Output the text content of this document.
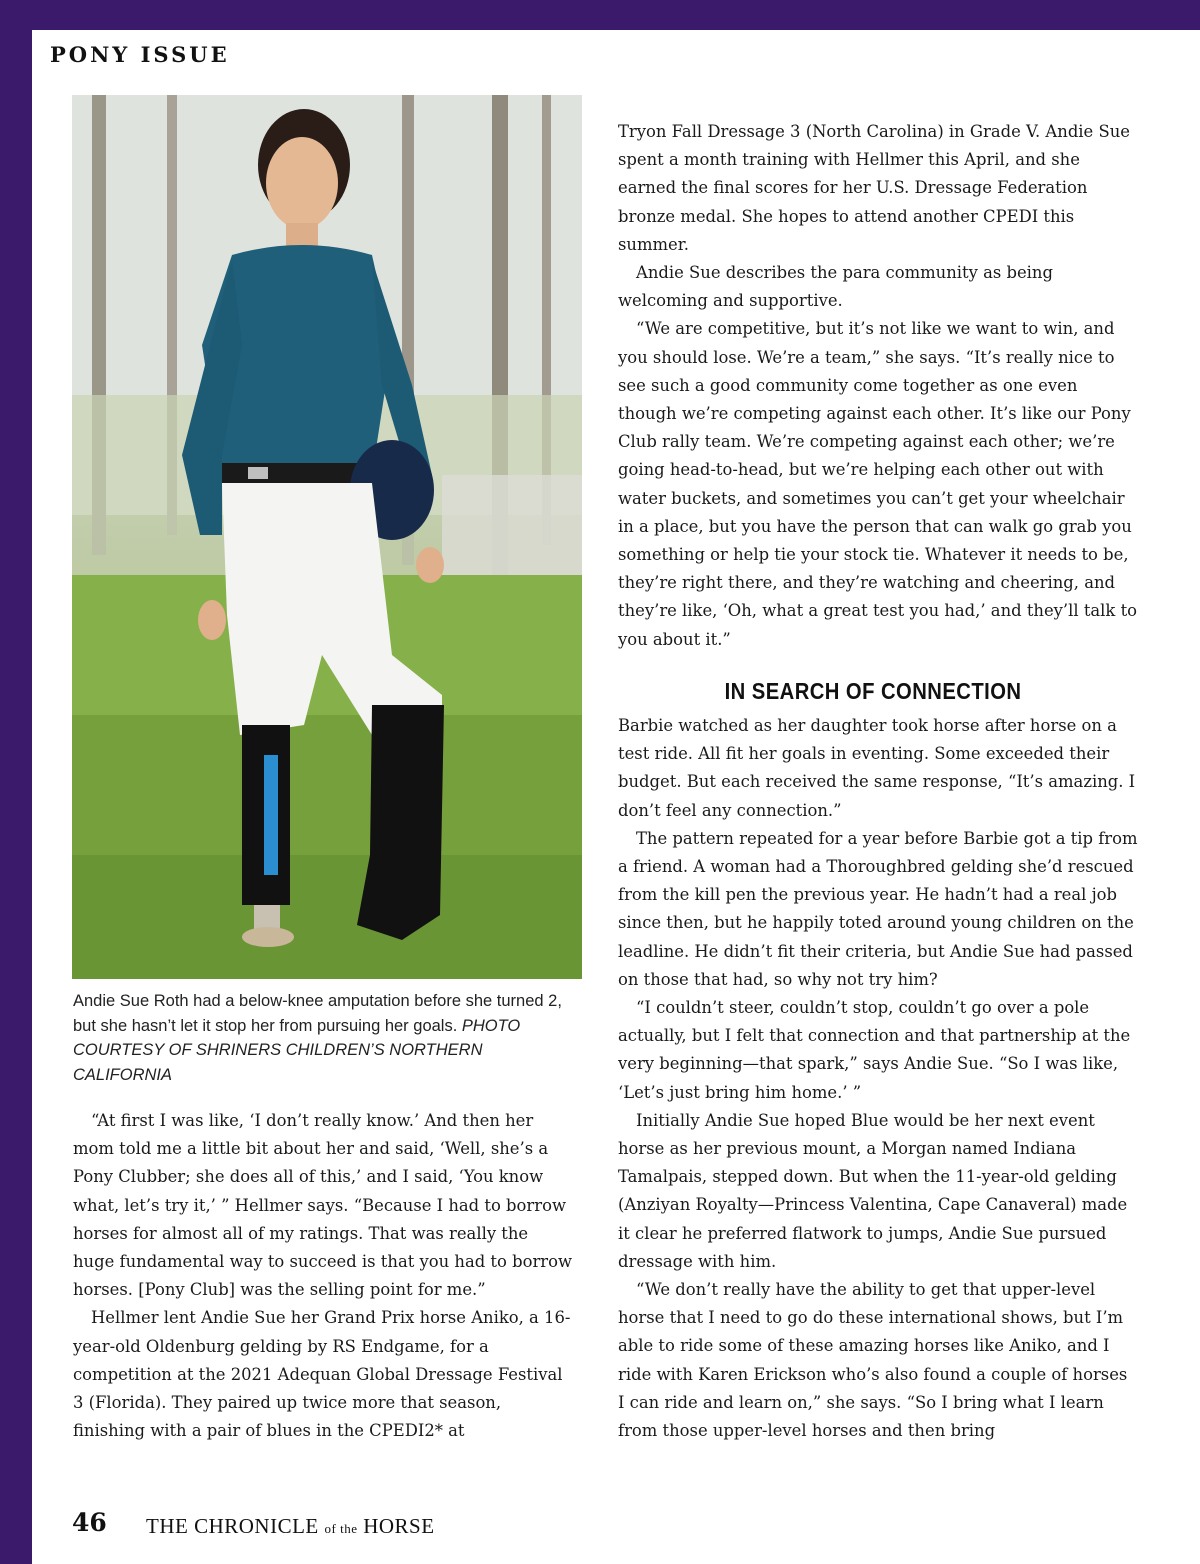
PONY ISSUE
Andie Sue Roth had a below-knee amputation before she turned 2, but she hasn’t let it stop her from pursuing her goals. PHOTO COURTESY OF SHRINERS CHILDREN’S NORTHERN CALIFORNIA

“At first I was like, ‘I don’t really know.’ And then her mom told me a little bit about her and said, ‘Well, she’s a Pony Clubber; she does all of this,’ and I said, ‘You know what, let’s try it,’ ” Hellmer says. “Because I had to borrow horses for almost all of my ratings. That was really the huge fundamental way to succeed is that you had to borrow horses. [Pony Club] was the selling point for me.”

Hellmer lent Andie Sue her Grand Prix horse Aniko, a 16-year-old Oldenburg gelding by RS Endgame, for a competition at the 2021 Adequan Global Dressage Festival 3 (Florida). They paired up twice more that season, finishing with a pair of blues in the CPEDI2* at

Tryon Fall Dressage 3 (North Carolina) in Grade V. Andie Sue spent a month training with Hellmer this April, and she earned the final scores for her U.S. Dressage Federation bronze medal. She hopes to attend another CPEDI this summer.

Andie Sue describes the para community as being welcoming and supportive.

“We are competitive, but it’s not like we want to win, and you should lose. We’re a team,” she says. “It’s really nice to see such a good community come together as one even though we’re competing against each other. It’s like our Pony Club rally team. We’re competing against each other; we’re going head-to-head, but we’re helping each other out with water buckets, and sometimes you can’t get your wheelchair in a place, but you have the person that can walk go grab you something or help tie your stock tie. Whatever it needs to be, they’re right there, and they’re watching and cheering, and they’re like, ‘Oh, what a great test you had,’ and they’ll talk to you about it.”

IN SEARCH OF CONNECTION

Barbie watched as her daughter took horse after horse on a test ride. All fit her goals in eventing. Some exceeded their budget. But each received the same response, “It’s amazing. I don’t feel any connection.”

The pattern repeated for a year before Barbie got a tip from a friend. A woman had a Thoroughbred gelding she’d rescued from the kill pen the previous year. He hadn’t had a real job since then, but he happily toted around young children on the leadline. He didn’t fit their criteria, but Andie Sue had passed on those that had, so why not try him?

“I couldn’t steer, couldn’t stop, couldn’t go over a pole actually, but I felt that connection and that partnership at the very beginning—that spark,” says Andie Sue. “So I was like, ‘Let’s just bring him home.’ ”

Initially Andie Sue hoped Blue would be her next event horse as her previous mount, a Morgan named Indiana Tamalpais, stepped down. But when the 11-year-old gelding (Anziyan Royalty—Princess Valentina, Cape Canaveral) made it clear he preferred flatwork to jumps, Andie Sue pursued dressage with him.

“We don’t really have the ability to get that upper-level horse that I need to go do these international shows, but I’m able to ride some of these amazing horses like Aniko, and I ride with Karen Erickson who’s also found a couple of horses I can ride and learn on,” she says. “So I bring what I learn from those upper-level horses and then bring

46 THE CHRONICLE of the HORSE
